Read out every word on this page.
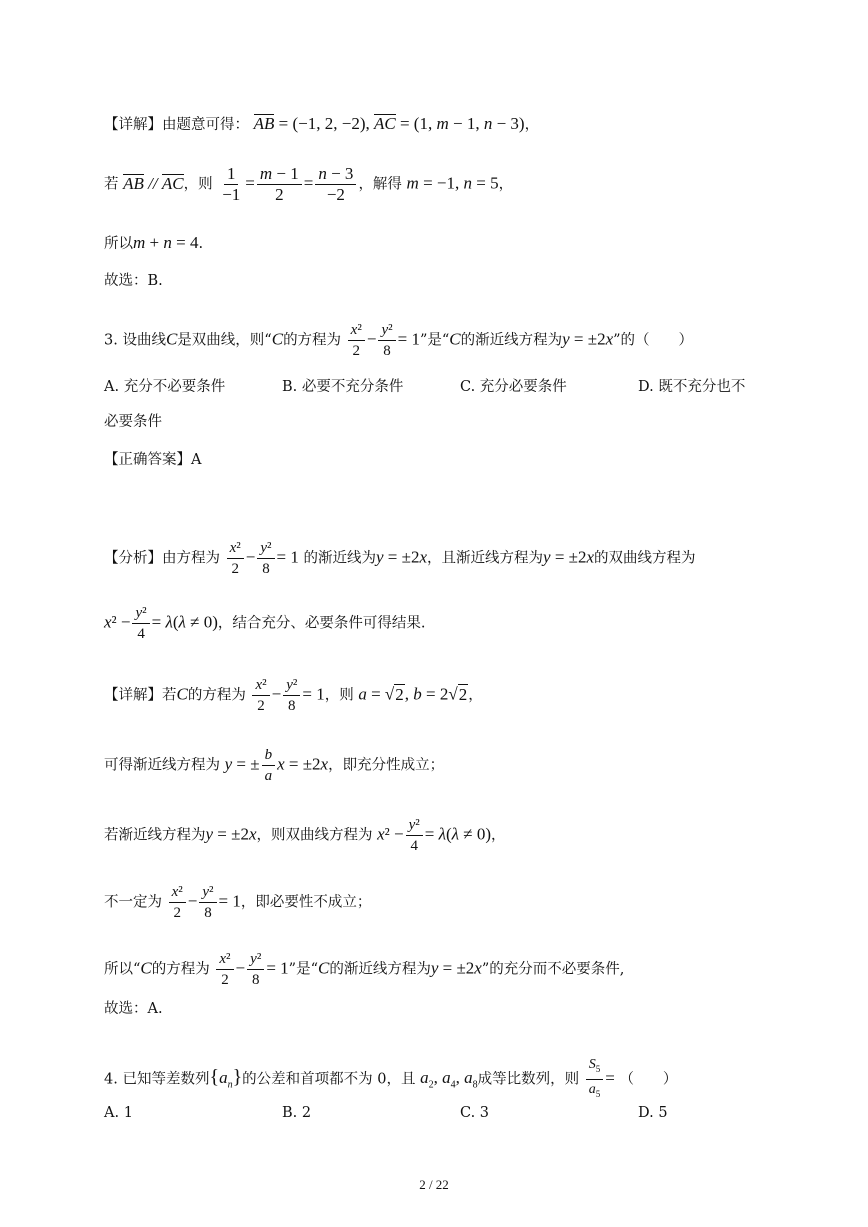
【详解】由题意可得： AB = (−1, 2, −2), AC = (1, m − 1, n − 3)，
若 AB // AC，则 $\frac{1}{-1} = \frac{m - 1}{2} = \frac{n - 3}{-2}$ ，解得 m = −1, n = 5，
所以m + n = 4.
故选：B.
3. 设曲线C是双曲线，则“C的方程为 $\frac{\text{x²}}{2} - \frac{\text{y²}}{8} = 1$”是“C的渐近线方程为y = ±2x”的（　　）
A. 充分不必要条件	B. 必要不充分条件	C. 充分必要条件	D. 既不充分也不
必要条件
【正确答案】A
【分析】由方程为 $\frac{\text{x²}}{2} - \frac{\text{y²}}{8} = 1$ 的渐近线为y = ±2x，且渐近线方程为y = ±2x的双曲线方程为
$x^2 - \frac{\text{y²}}{4} = \lambda(\lambda \ne 0)$，结合充分、必要条件可得结果.
【详解】若C的方程为 $\frac{\text{x²}}{2} - \frac{\text{y²}}{8} = 1$，则 a = √2, b = 2√2，
可得渐近线方程为 y = ± $\frac{b}{a}$ x = ±2x，即充分性成立；
若渐近线方程为y = ±2x，则双曲线方程为 $x^2 - \frac{\text{y²}}{4} = \lambda(\lambda \ne 0)$，
不一定为 $\frac{\text{x²}}{2} - \frac{\text{y²}}{8} = 1$，即必要性不成立；
所以“C的方程为 $\frac{\text{x²}}{2} - \frac{\text{y²}}{8} = 1$”是“C的渐近线方程为y = ±2x”的充分而不必要条件,
故选：A.
4. 已知等差数列$\{a_n\}$的公差和首项都不为 0，且 $a_2$, $a_4$, $a_8$成等比数列，则 $\frac{S_5}{a_5}$ = （　　）
A. 1	B. 2	C. 3	D. 5
2 / 22
